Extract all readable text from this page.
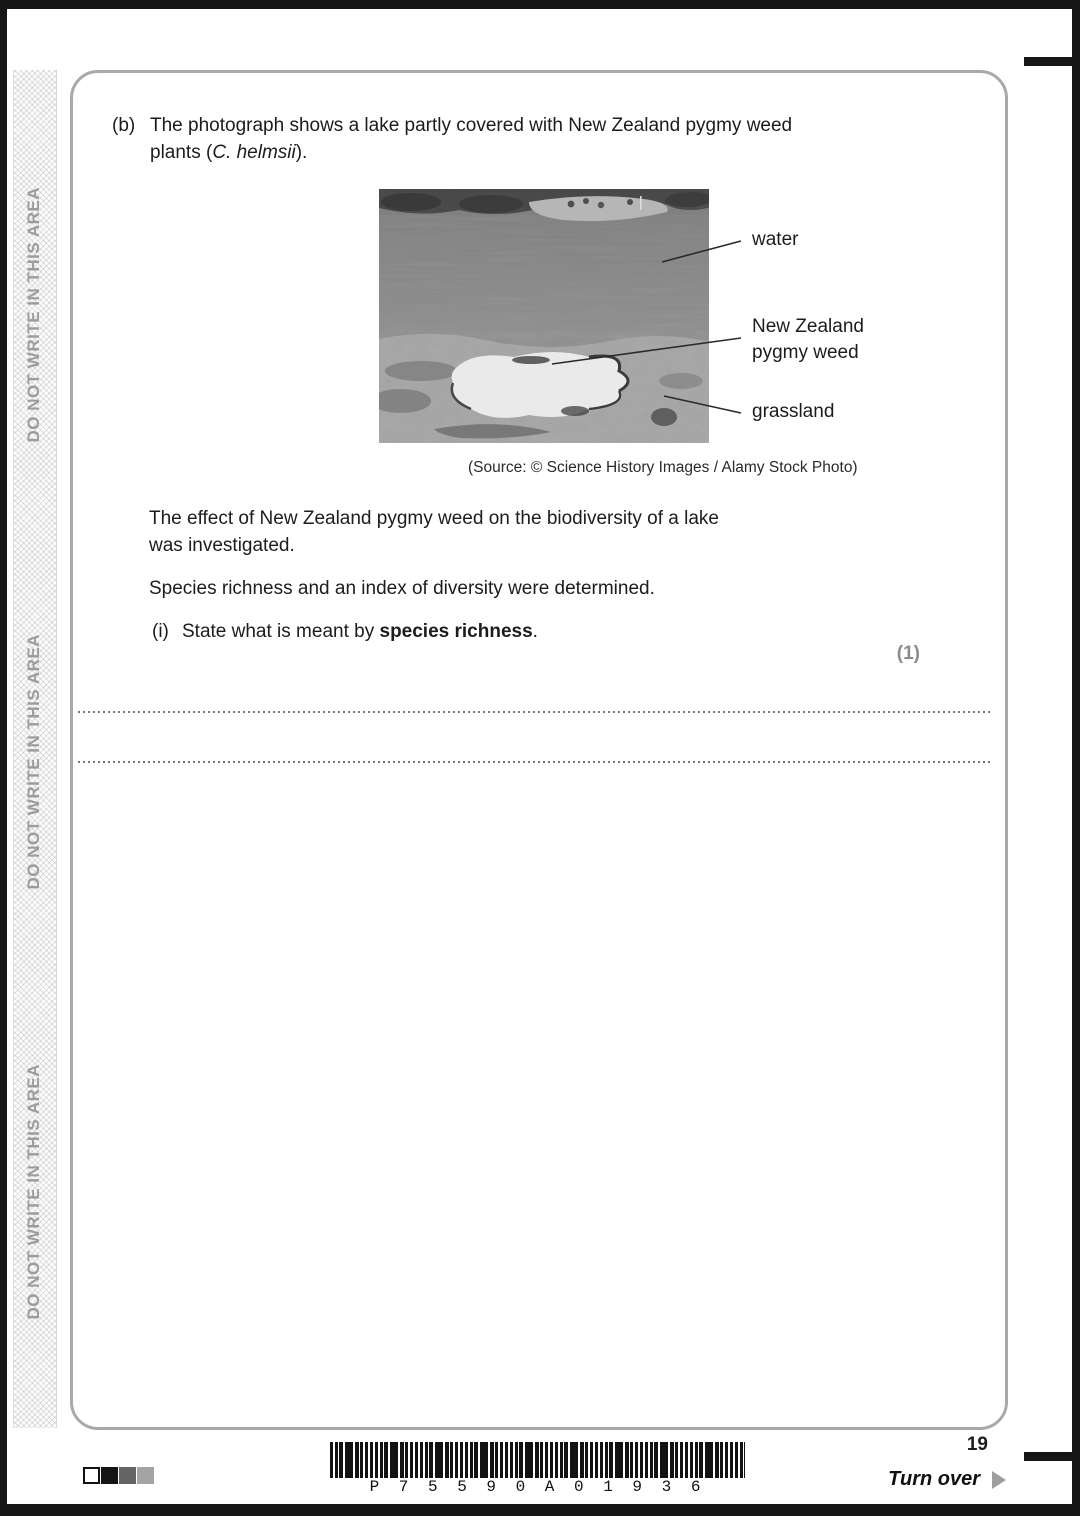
DO NOT WRITE IN THIS AREA
DO NOT WRITE IN THIS AREA
DO NOT WRITE IN THIS AREA
(b) The photograph shows a lake partly covered with New Zealand pygmy weed
plants (C. helmsii).
water
New Zealand pygmy weed
grassland
(Source: © Science History Images / Alamy Stock Photo)
The effect of New Zealand pygmy weed on the biodiversity of a lake
was investigated.
Species richness and an index of diversity were determined.
(i) State what is meant by species richness.
(1)
19
Turn over
P 7 5 5 9 0 A 0 1 9 3 6
